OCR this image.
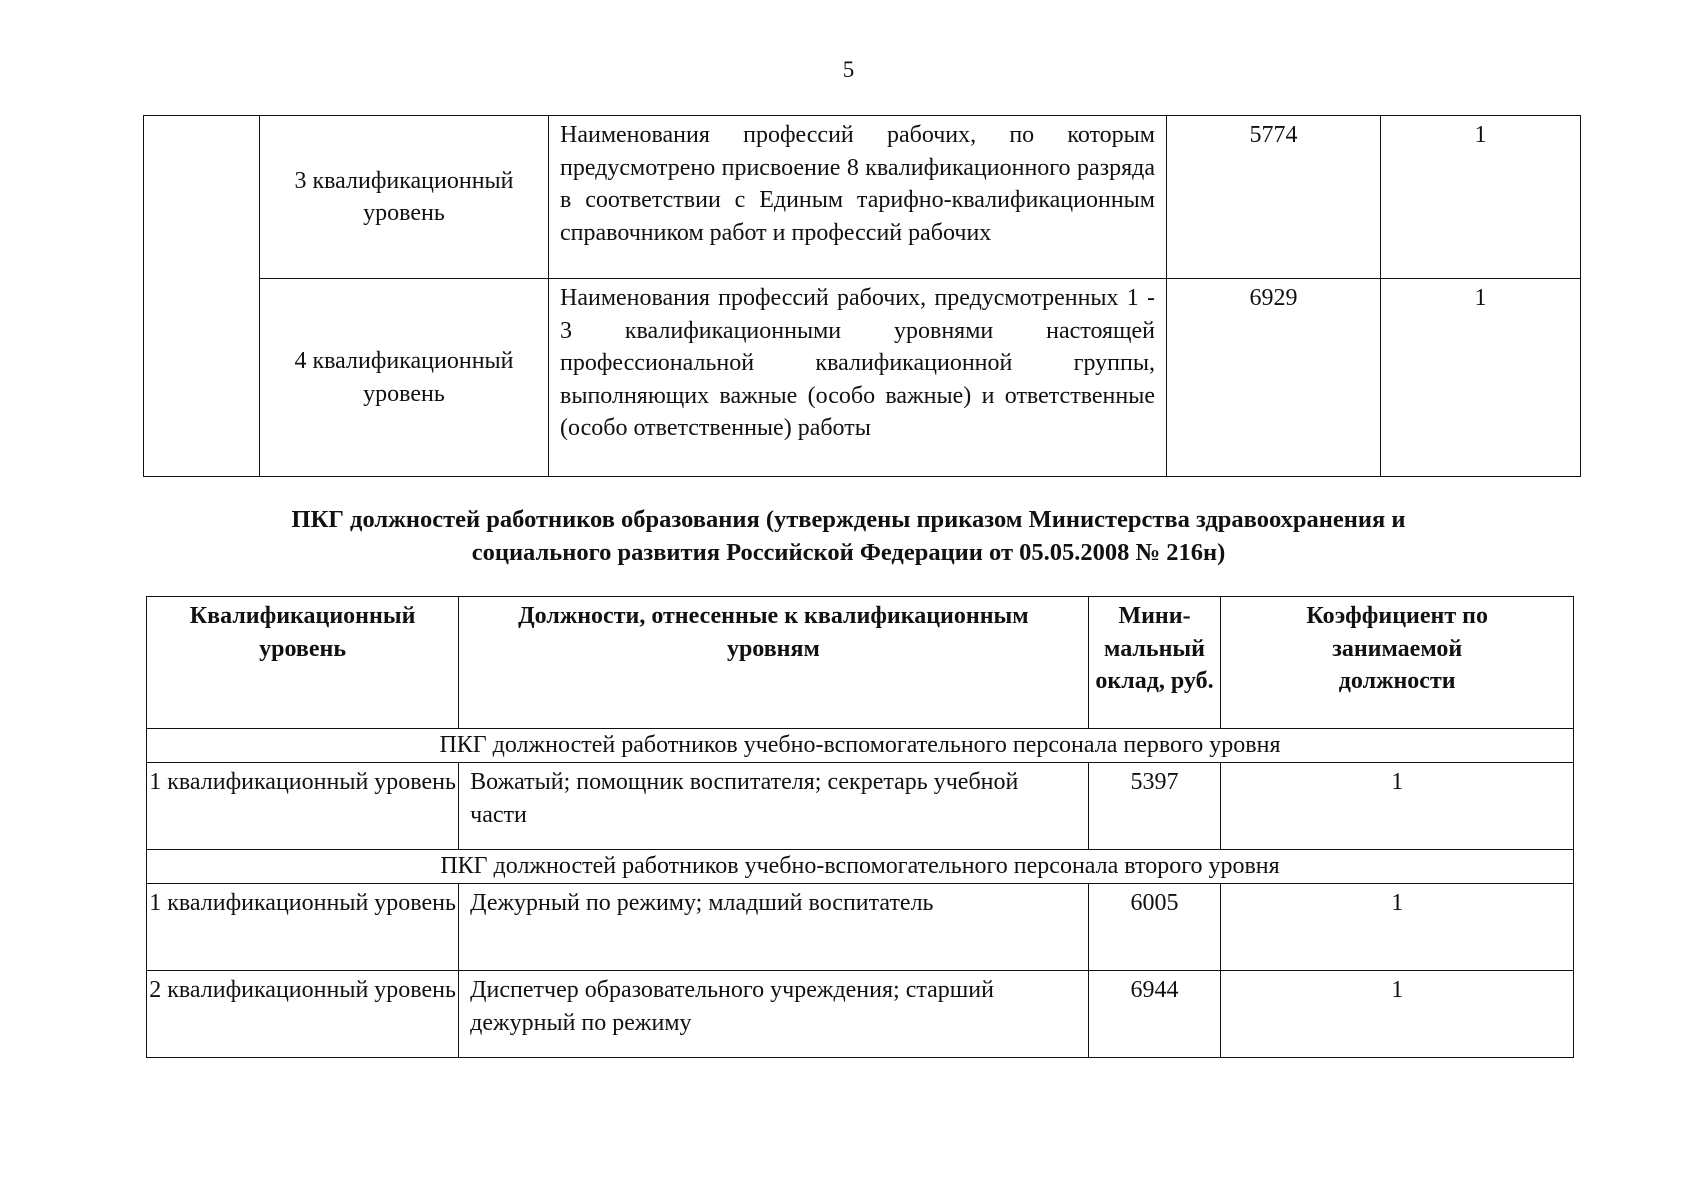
5
	3 квалификационный уровень	Наименования профессий рабочих, по которым предусмотрено присвоение 8 квалификационного разряда в соответствии с Единым тарифно-квалификационным справочником работ и профессий рабочих	5774	1
	4 квалификационный уровень	Наименования профессий рабочих, предусмотренных 1 - 3 квалификационными уровнями настоящей профессиональной квалификационной группы, выполняющих важные (особо важные) и ответственные (особо ответственные) работы	6929	1
ПКГ должностей работников образования (утверждены приказом Министерства здравоохранения и
социального развития Российской Федерации от 05.05.2008 № 216н)
Квалификационный уровень	Должности, отнесенные к квалификационным уровням	Мини-мальный оклад, руб.	Коэффициент по занимаемой должности
ПКГ должностей работников учебно-вспомогательного персонала первого уровня			
1 квалификационный уровень	Вожатый; помощник воспитателя; секретарь учебной части	5397	1
ПКГ должностей работников учебно-вспомогательного персонала второго уровня			
1 квалификационный уровень	Дежурный по режиму; младший воспитатель	6005	1
2 квалификационный уровень	Диспетчер образовательного учреждения; старший дежурный по режиму	6944	1
